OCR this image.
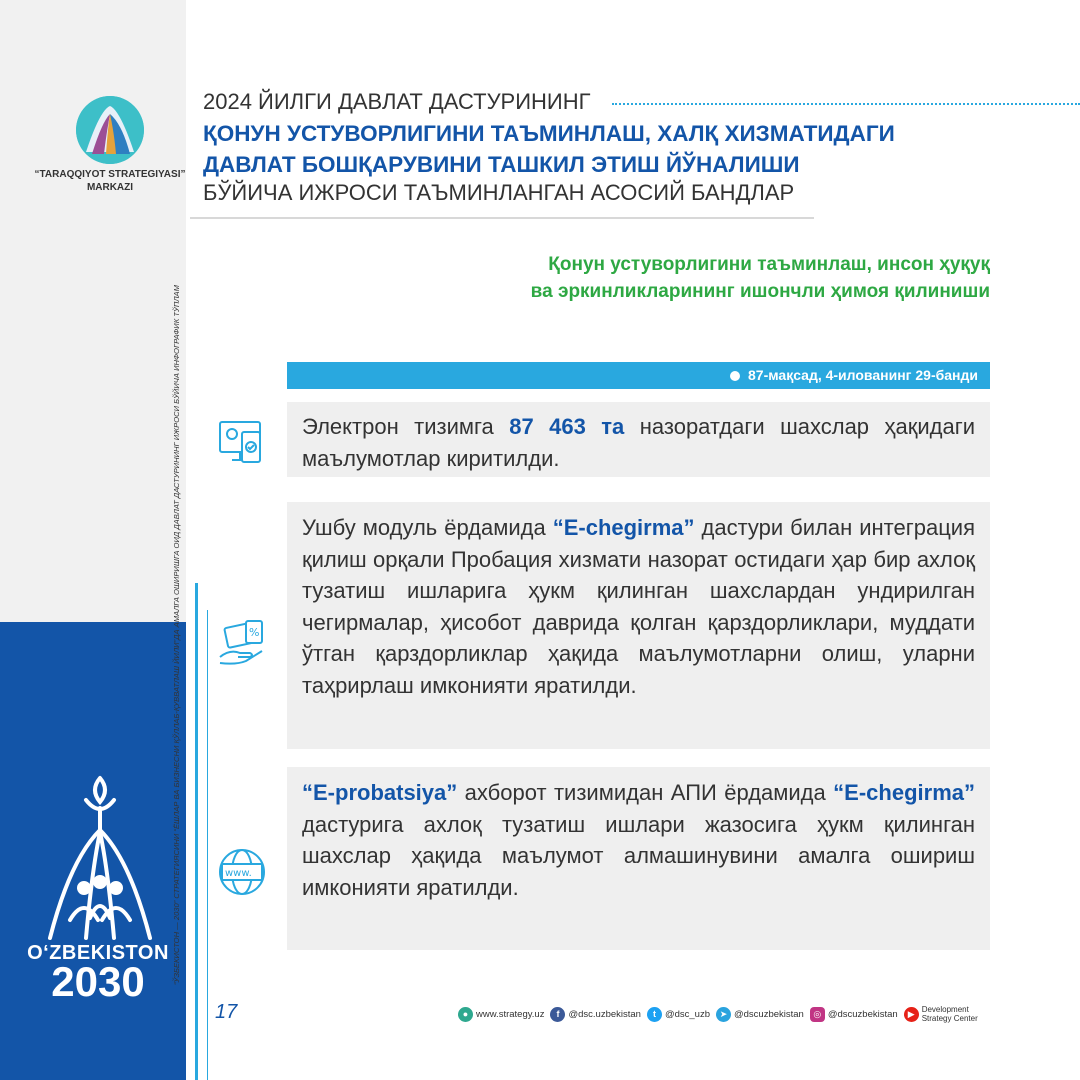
“TARAQQIYOT STRATEGIYASI”
MARKAZI
“ЎЗБЕКИСТОН — 2030” СТРАТЕГИЯСИНИ “ЁШЛАР ВА БИЗНЕСНИ ҚЎЛЛАБ-ҚУВВАТЛАШ ЙИЛИ”ДА АМАЛГА ОШИРИШГА ОИД ДАВЛАТ ДАСТУРИНИНГ ИЖРОСИ БЎЙИЧА ИНФОГРАФИК ТЎПЛАМ
O‘ZBEKISTON
2030
2024 ЙИЛГИ ДАВЛАТ ДАСТУРИНИНГ
ҚОНУН УСТУВОРЛИГИНИ ТАЪМИНЛАШ, ХАЛҚ ХИЗМАТИДАГИ
ДАВЛАТ БОШҚАРУВИНИ ТАШКИЛ ЭТИШ ЙЎНАЛИШИ
БЎЙИЧА ИЖРОСИ ТАЪМИНЛАНГАН АСОСИЙ БАНДЛАР
Қонун устуворлигини таъминлаш, инсон ҳуқуқ
ва эркинликларининг ишончли ҳимоя қилиниши
87-мақсад, 4-илованинг 29-банди

Электрон тизимга 87 463 та назоратдаги шахслар ҳақидаги маълумотлар киритилди.

%

Ушбу модуль ёрдамида “E-chegirma” дастури билан интеграция қилиш орқали Пробация хизмати назорат остидаги ҳар бир ахлоқ тузатиш ишларига ҳукм қилинган шахслардан ундирилган чегирмалар, ҳисобот даврида қолган қарздорликлари, муддати ўтган қарздорликлар ҳақида маълумотларни олиш, уларни таҳрирлаш имконияти яратилди.

www.

“E-probatsiya” ахборот тизимидан АПИ ёрдамида “E-chegirma” дастурига ахлоқ тузатиш ишлари жазосига ҳукм қилинган шахслар ҳақида маълумот алмашинувини амалга ошириш имконияти яратилди.

17	● www.strategy.uz	f @dsc.uzbekistan	t @dsc_uzb	➤ @dscuzbekistan	◎ @dscuzbekistan	▶ Development
Strategy Center
